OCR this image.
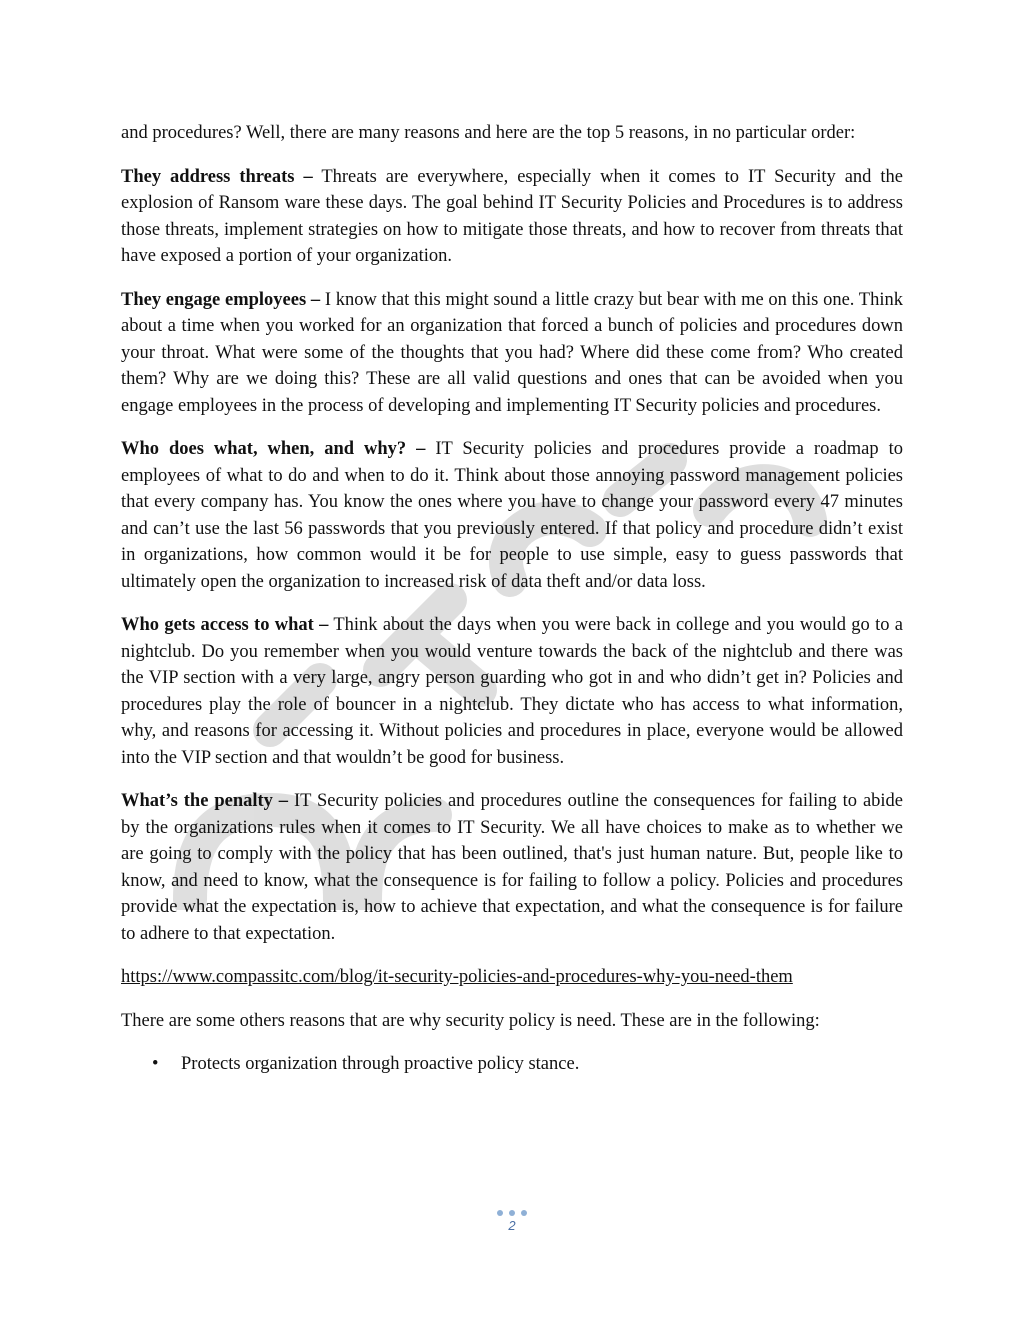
and procedures? Well, there are many reasons and here are the top 5 reasons, in no particular order:

They address threats – Threats are everywhere, especially when it comes to IT Security and the explosion of Ransom ware these days. The goal behind IT Security Policies and Procedures is to address those threats, implement strategies on how to mitigate those threats, and how to recover from threats that have exposed a portion of your organization.

They engage employees – I know that this might sound a little crazy but bear with me on this one. Think about a time when you worked for an organization that forced a bunch of policies and procedures down your throat. What were some of the thoughts that you had? Where did these come from? Who created them? Why are we doing this? These are all valid questions and ones that can be avoided when you engage employees in the process of developing and implementing IT Security policies and procedures.

Who does what, when, and why? – IT Security policies and procedures provide a roadmap to employees of what to do and when to do it. Think about those annoying password management policies that every company has. You know the ones where you have to change your password every 47 minutes and can’t use the last 56 passwords that you previously entered. If that policy and procedure didn’t exist in organizations, how common would it be for people to use simple, easy to guess passwords that ultimately open the organization to increased risk of data theft and/or data loss.

Who gets access to what – Think about the days when you were back in college and you would go to a nightclub. Do you remember when you would venture towards the back of the nightclub and there was the VIP section with a very large, angry person guarding who got in and who didn’t get in? Policies and procedures play the role of bouncer in a nightclub. They dictate who has access to what information, why, and reasons for accessing it. Without policies and procedures in place, everyone would be allowed into the VIP section and that wouldn’t be good for business.

What’s the penalty – IT Security policies and procedures outline the consequences for failing to abide by the organizations rules when it comes to IT Security. We all have choices to make as to whether we are going to comply with the policy that has been outlined, that's just human nature. But, people like to know, and need to know, what the consequence is for failing to follow a policy. Policies and procedures provide what the expectation is, how to achieve that expectation, and what the consequence is for failure to adhere to that expectation.

https://www.compassitc.com/blog/it-security-policies-and-procedures-why-you-need-them

There are some others reasons that are why security policy is need. These are in the following:

• Protects organization through proactive policy stance.
2
